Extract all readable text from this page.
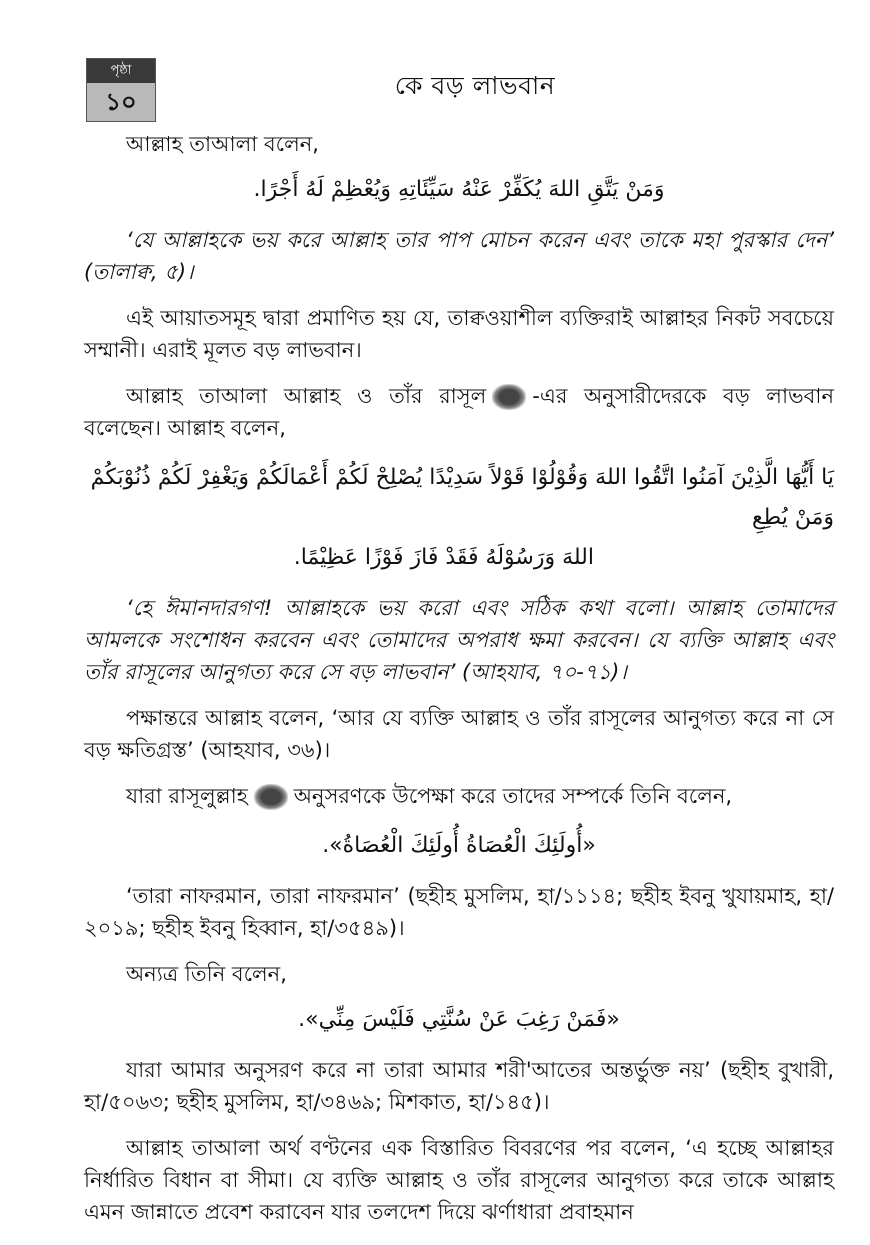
পৃষ্ঠা
১০
কে বড় লাভবান

আল্লাহ তাআলা বলেন,

وَمَنْ يَتَّقِ اللهَ يُكَفِّرْ عَنْهُ سَيِّئَاتِهِ وَيُعْظِمْ لَهُ أَجْرًا.

‘যে আল্লাহকে ভয় করে আল্লাহ তার পাপ মোচন করেন এবং তাকে মহা পুরস্কার দেন’ (তালাক্ব, ৫)।

এই আয়াতসমূহ দ্বারা প্রমাণিত হয় যে, তাক্বওয়াশীল ব্যক্তিরাই আল্লাহর নিকট সবচেয়ে সম্মানী। এরাই মূলত বড় লাভবান।

আল্লাহ তাআলা আল্লাহ ও তাঁর রাসূল -এর অনুসারীদেরকে বড় লাভবান বলেছেন। আল্লাহ বলেন,

يَا أَيُّهَا الَّذِيْنَ آمَنُوا اتَّقُوا اللهَ وَقُوْلُوْا قَوْلاً سَدِيْدًا يُصْلِحْ لَكُمْ أَعْمَالَكُمْ وَيَغْفِرْ لَكُمْ ذُنُوْبَكُمْ وَمَنْ يُطِعِ
اللهَ وَرَسُوْلَهُ فَقَدْ فَازَ فَوْزًا عَظِيْمًا.

‘হে ঈমানদারগণ! আল্লাহকে ভয় করো এবং সঠিক কথা বলো। আল্লাহ তোমাদের আমলকে সংশোধন করবেন এবং তোমাদের অপরাধ ক্ষমা করবেন। যে ব্যক্তি আল্লাহ এবং তাঁর রাসূলের আনুগত্য করে সে বড় লাভবান’ (আহযাব, ৭০-৭১)।

পক্ষান্তরে আল্লাহ বলেন, ‘আর যে ব্যক্তি আল্লাহ ও তাঁর রাসূলের আনুগত্য করে না সে বড় ক্ষতিগ্রস্ত’ (আহযাব, ৩৬)।

যারা রাসূলুল্লাহ অনুসরণকে উপেক্ষা করে তাদের সম্পর্কে তিনি বলেন,

«أُولَئِكَ الْعُصَاةُ أُولَئِكَ الْعُصَاةُ».

‘তারা নাফরমান, তারা নাফরমান’ (ছহীহ মুসলিম, হা/১১১৪; ছহীহ ইবনু খুযায়মাহ, হা/২০১৯; ছহীহ ইবনু হিব্বান, হা/৩৫৪৯)।

অন্যত্র তিনি বলেন,

«فَمَنْ رَغِبَ عَنْ سُنَّتِي فَلَيْسَ مِنِّي».

যারা আমার অনুসরণ করে না তারা আমার শরী'আতের অন্তর্ভুক্ত নয়’ (ছহীহ বুখারী, হা/৫০৬৩; ছহীহ মুসলিম, হা/৩৪৬৯; মিশকাত, হা/১৪৫)।

আল্লাহ তাআলা অর্থ বণ্টনের এক বিস্তারিত বিবরণের পর বলেন, ‘এ হচ্ছে আল্লাহর নির্ধারিত বিধান বা সীমা। যে ব্যক্তি আল্লাহ ও তাঁর রাসূলের আনুগত্য করে তাকে আল্লাহ এমন জান্নাতে প্রবেশ করাবেন যার তলদেশ দিয়ে ঝর্ণাধারা প্রবাহমান
